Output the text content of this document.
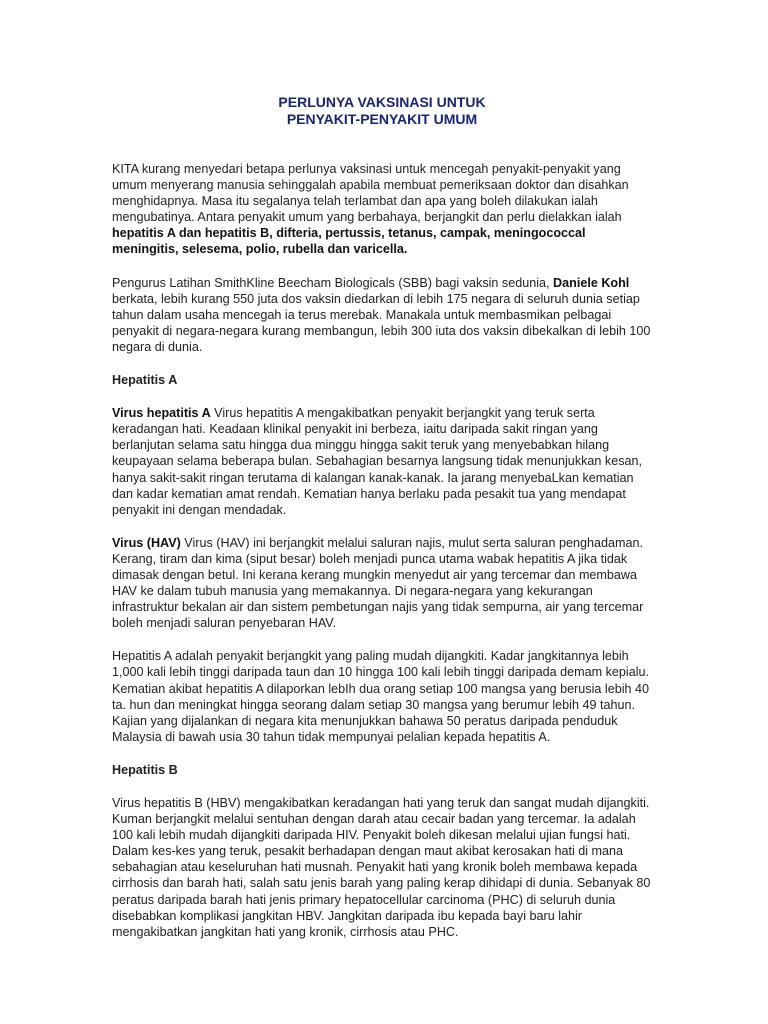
PERLUNYA VAKSINASI UNTUK
PENYAKIT-PENYAKIT UMUM

KITA kurang menyedari betapa perlunya vaksinasi untuk mencegah penyakit-penyakit yang umum menyerang manusia sehinggalah apabila membuat pemeriksaan doktor dan disahkan menghidapnya. Masa itu segalanya telah terlambat dan apa yang boleh dilakukan ialah mengubatinya. Antara penyakit umum yang berbahaya, berjangkit dan perlu dielakkan ialah hepatitis A dan hepatitis B, difteria, pertussis, tetanus, campak, meningococcal meningitis, selesema, polio, rubella dan varicella.

Pengurus Latihan SmithKline Beecham Biologicals (SBB) bagi vaksin sedunia, Daniele Kohl berkata, lebih kurang 550 juta dos vaksin diedarkan di lebih 175 negara di seluruh dunia setiap tahun dalam usaha mencegah ia terus merebak. Manakala untuk membasmikan pelbagai penyakit di negara-negara kurang membangun, lebih 300 iuta dos vaksin dibekalkan di lebih 100 negara di dunia.

Hepatitis A

Virus hepatitis A Virus hepatitis A mengakibatkan penyakit berjangkit yang teruk serta keradangan hati. Keadaan klinikal penyakit ini berbeza, iaitu daripada sakit ringan yang berlanjutan selama satu hingga dua minggu hingga sakit teruk yang menyebabkan hilang keupayaan selama beberapa bulan. Sebahagian besarnya langsung tidak menunjukkan kesan, hanya sakit-sakit ringan terutama di kalangan kanak-kanak. Ia jarang menyebaLkan kematian dan kadar kematian amat rendah. Kematian hanya berlaku pada pesakit tua yang mendapat penyakit ini dengan mendadak.

Virus (HAV) Virus (HAV) ini berjangkit melalui saluran najis, mulut serta saluran penghadaman. Kerang, tiram dan kima (siput besar) boleh menjadi punca utama wabak hepatitis A jika tidak dimasak dengan betul. Ini kerana kerang mungkin menyedut air yang tercemar dan membawa HAV ke dalam tubuh manusia yang memakannya. Di negara-negara yang kekurangan infrastruktur bekalan air dan sistem pembetungan najis yang tidak sempurna, air yang tercemar boleh menjadi saluran penyebaran HAV.

Hepatitis A adalah penyakit berjangkit yang paling mudah dijangkiti. Kadar jangkitannya lebih 1,000 kali lebih tinggi daripada taun dan 10 hingga 100 kali lebih tinggi daripada demam kepialu. Kematian akibat hepatitis A dilaporkan lebIh dua orang setiap 100 mangsa yang berusia lebih 40 ta. hun dan meningkat hingga seorang dalam setiap 30 mangsa yang berumur lebih 49 tahun. Kajian yang dijalankan di negara kita menunjukkan bahawa 50 peratus daripada penduduk Malaysia di bawah usia 30 tahun tidak mempunyai pelalian kepada hepatitis A.

Hepatitis B

Virus hepatitis B (HBV) mengakibatkan keradangan hati yang teruk dan sangat mudah dijangkiti. Kuman berjangkit melalui sentuhan dengan darah atau cecair badan yang tercemar. Ia adalah 100 kali lebih mudah dijangkiti daripada HIV. Penyakit boleh dikesan melalui ujian fungsi hati. Dalam kes-kes yang teruk, pesakit berhadapan dengan maut akibat kerosakan hati di mana sebahagian atau keseluruhan hati musnah. Penyakit hati yang kronik boleh membawa kepada cirrhosis dan barah hati, salah satu jenis barah yang paling kerap dihidapi di dunia. Sebanyak 80 peratus daripada barah hati jenis primary hepatocellular carcinoma (PHC) di seluruh dunia disebabkan komplikasi jangkitan HBV. Jangkitan daripada ibu kepada bayi baru lahir mengakibatkan jangkitan hati yang kronik, cirrhosis atau PHC.
